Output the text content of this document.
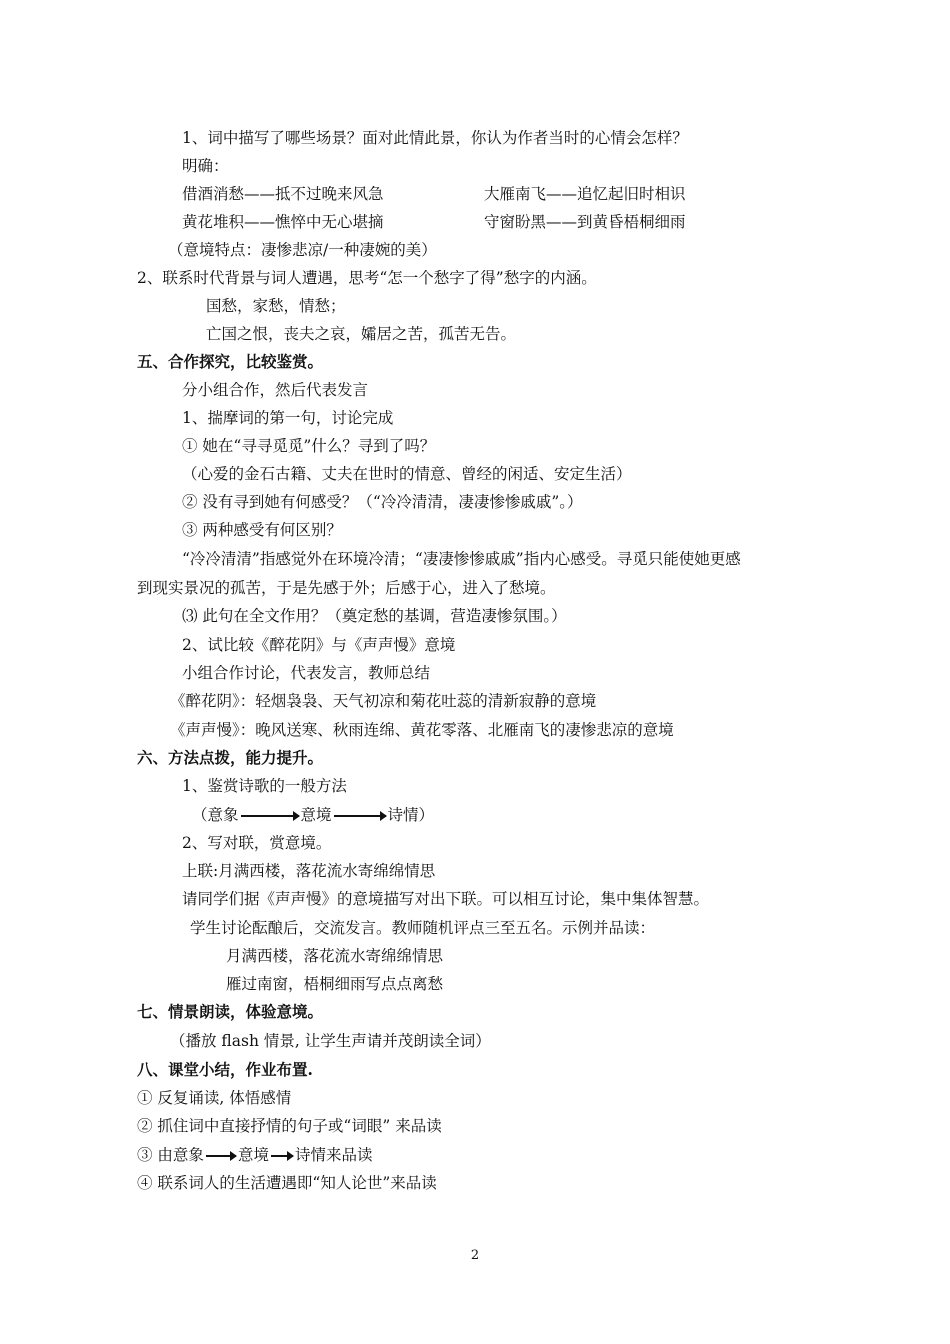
1、词中描写了哪些场景？面对此情此景，你认为作者当时的心情会怎样？
明确：
借酒消愁——抵不过晚来风急	大雁南飞——追忆起旧时相识
黄花堆积——憔悴中无心堪摘	守窗盼黑——到黄昏梧桐细雨
（意境特点：凄惨悲凉/一种凄婉的美）
2、联系时代背景与词人遭遇，思考“怎一个愁字了得”愁字的内涵。
国愁，家愁，情愁；
亡国之恨，丧夫之哀，孀居之苦，孤苦无告。
五、合作探究，比较鉴赏。
分小组合作，然后代表发言
1、揣摩词的第一句，讨论完成
① 她在“寻寻觅觅”什么？寻到了吗？
（心爱的金石古籍、丈夫在世时的情意、曾经的闲适、安定生活）
② 没有寻到她有何感受？（“冷冷清清，凄凄惨惨戚戚”。）
③ 两种感受有何区别？
“冷冷清清”指感觉外在环境冷清；“凄凄惨惨戚戚”指内心感受。寻觅只能使她更感
到现实景况的孤苦，于是先感于外；后感于心，进入了愁境。
⑶ 此句在全文作用？（奠定愁的基调，营造凄惨氛围。）
2、试比较《醉花阴》与《声声慢》意境
小组合作讨论，代表发言，教师总结
《醉花阴》：轻烟袅袅、天气初凉和菊花吐蕊的清新寂静的意境
《声声慢》：晚风送寒、秋雨连绵、黄花零落、北雁南飞的凄惨悲凉的意境
六、方法点拨，能力提升。
1、鉴赏诗歌的一般方法
（意象	意境	诗情）
2、写对联，赏意境。
上联:月满西楼，落花流水寄绵绵情思
请同学们据《声声慢》的意境描写对出下联。可以相互讨论，集中集体智慧。
学生讨论酝酿后，交流发言。教师随机评点三至五名。示例并品读：
月满西楼，落花流水寄绵绵情思
雁过南窗，梧桐细雨写点点离愁
七、情景朗读，体验意境。
（播放 flash 情景, 让学生声请并茂朗读全词）
八、课堂小结，作业布置.
① 反复诵读, 体悟感情
② 抓住词中直接抒情的句子或“词眼” 来品读
③ 由意象 意境 诗情来品读
④ 联系词人的生活遭遇即“知人论世”来品读
2
